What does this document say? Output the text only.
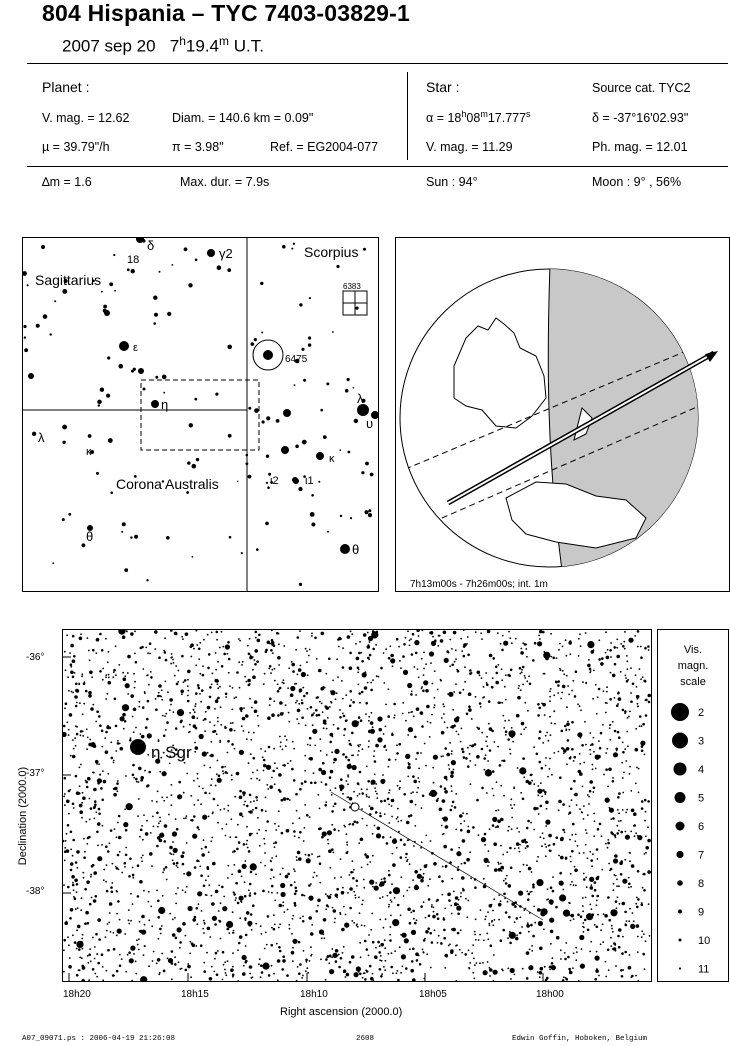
804 Hispania – TYC 7403-03829-1
2007 sep 20 7$^h$19.4$^m$ U.T.
Planet :
V. mag. = 12.62	Diam. = 140.6 km = 0.09"
µ = 39.79"/h	π = 3.98"	Ref. = EG2004-077
Star :	Source cat. TYC2
$\alpha = 18^h08^m17.777^s$	δ = -37°16'02.93"
V. mag. = 11.29	Ph. mag. = 12.01
∆m = 1.6	Max. dur. = 7.9s	Sun : 94°	Moon : 9° , 56%
δ
18	γ2
ε
η
λ
κ
θ
λ
υ
κ
ι2 ι1
θ
6475
6383
Sagittarius
Scorpius
Corona Australis
7h13m00s - 7h26m00s; int. 1m
Declination (2000.0)
Right ascension (2000.0)
-36°
-37°
-38°
18h20	18h15	18h10	18h05	18h00
η Sgr
Vis.
magn.
scale
2
3
4
5
6
7
8
9
10
11
A07_09071.ps : 2006-04-19 21:26:08	2608	Edwin Goffin, Hoboken, Belgium
